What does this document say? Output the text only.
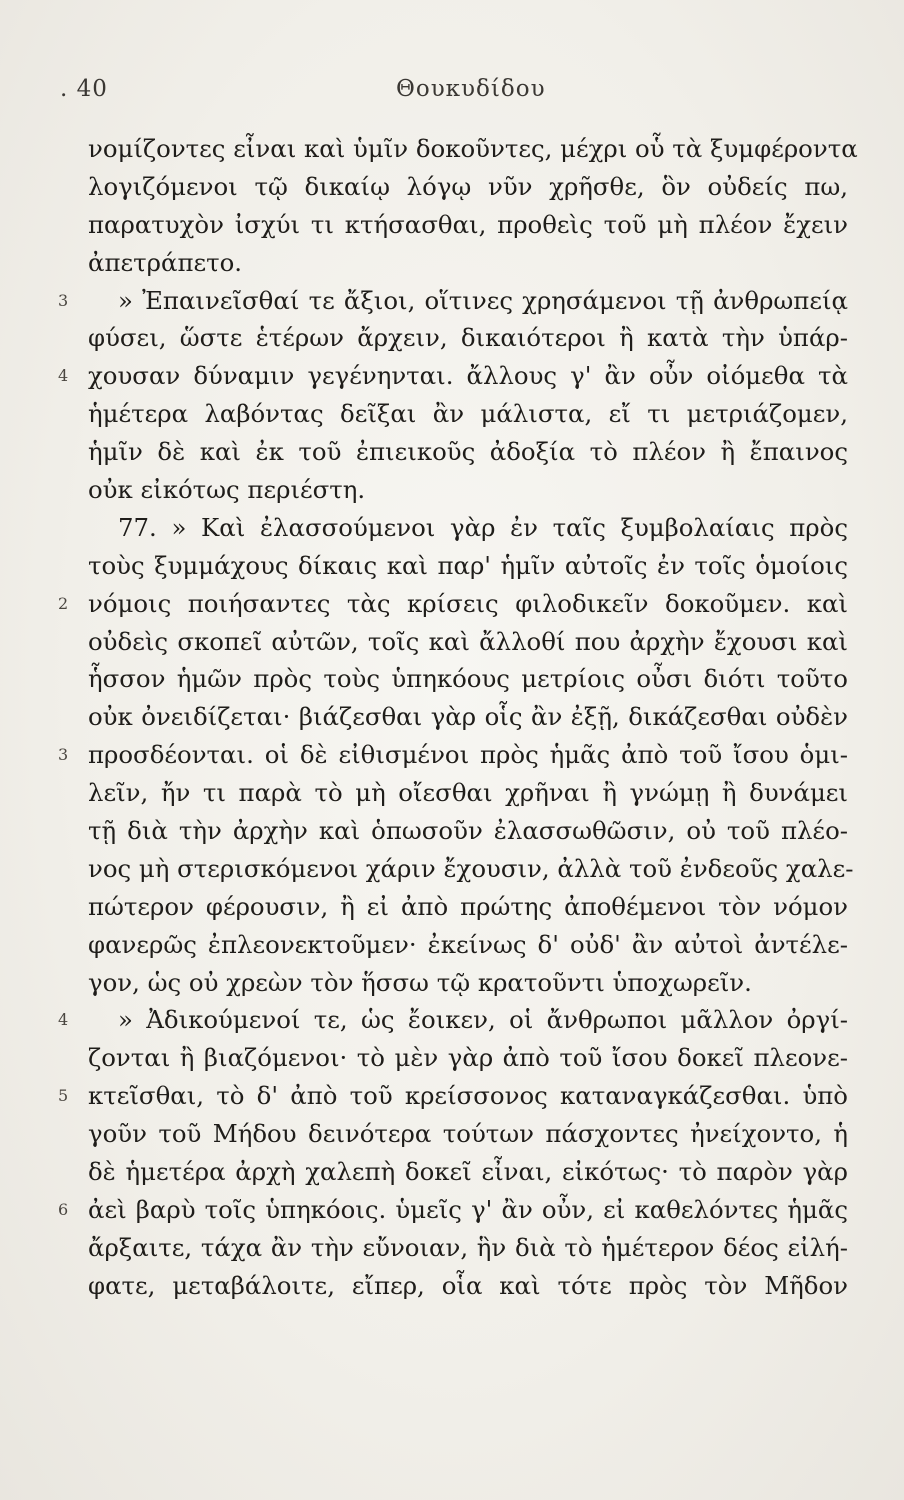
. 40	Θουκυδίδου
νομίζοντες εἶναι καὶ ὑμῖν δοκοῦντες, μέχρι οὗ τὰ ξυμφέροντα
λογιζόμενοι τῷ δικαίῳ λόγῳ νῦν χρῆσθε, ὃν οὐδείς πω,
παρατυχὸν ἰσχύι τι κτήσασθαι, προθεὶς τοῦ μὴ πλέον ἔχειν
ἀπετράπετο.
3	» Ἐπαινεῖσθαί τε ἄξιοι, οἵτινες χρησάμενοι τῇ ἀνθρωπείᾳ
φύσει, ὥστε ἑτέρων ἄρχειν, δικαιότεροι ἢ κατὰ τὴν ὑπάρ-
4 χουσαν δύναμιν γεγένηνται. ἄλλους γ' ἂν οὖν οἰόμεθα τὰ
ἡμέτερα λαβόντας δεῖξαι ἂν μάλιστα, εἴ τι μετριάζομεν,
ἡμῖν δὲ καὶ ἐκ τοῦ ἐπιεικοῦς ἀδοξία τὸ πλέον ἢ ἔπαινος
οὐκ εἰκότως περιέστη.
77. » Καὶ ἐλασσούμενοι γὰρ ἐν ταῖς ξυμβολαίαις πρὸς
τοὺς ξυμμάχους δίκαις καὶ παρ' ἡμῖν αὐτοῖς ἐν τοῖς ὁμοίοις
2 νόμοις ποιήσαντες τὰς κρίσεις φιλοδικεῖν δοκοῦμεν. καὶ
οὐδεὶς σκοπεῖ αὐτῶν, τοῖς καὶ ἄλλοθί που ἀρχὴν ἔχουσι καὶ
ἧσσον ἡμῶν πρὸς τοὺς ὑπηκόους μετρίοις οὖσι διότι τοῦτο
οὐκ ὀνειδίζεται· βιάζεσθαι γὰρ οἷς ἂν ἐξῇ, δικάζεσθαι οὐδὲν
3 προσδέονται. οἱ δὲ εἰθισμένοι πρὸς ἡμᾶς ἀπὸ τοῦ ἴσου ὁμι-
λεῖν, ἤν τι παρὰ τὸ μὴ οἴεσθαι χρῆναι ἢ γνώμῃ ἢ δυνάμει
τῇ διὰ τὴν ἀρχὴν καὶ ὁπωσοῦν ἐλασσωθῶσιν, οὐ τοῦ πλέο-
νος μὴ στερισκόμενοι χάριν ἔχουσιν, ἀλλὰ τοῦ ἐνδεοῦς χαλε-
πώτερον φέρουσιν, ἢ εἰ ἀπὸ πρώτης ἀποθέμενοι τὸν νόμον
φανερῶς ἐπλεονεκτοῦμεν· ἐκείνως δ' οὐδ' ἂν αὐτοὶ ἀντέλε-
γον, ὡς οὐ χρεὼν τὸν ἥσσω τῷ κρατοῦντι ὑποχωρεῖν.
4	» Ἀδικούμενοί τε, ὡς ἔοικεν, οἱ ἄνθρωποι μᾶλλον ὀργί-
ζονται ἢ βιαζόμενοι· τὸ μὲν γὰρ ἀπὸ τοῦ ἴσου δοκεῖ πλεονε-
5 κτεῖσθαι, τὸ δ' ἀπὸ τοῦ κρείσσονος καταναγκάζεσθαι. ὑπὸ
γοῦν τοῦ Μήδου δεινότερα τούτων πάσχοντες ἠνείχοντο, ἡ
δὲ ἡμετέρα ἀρχὴ χαλεπὴ δοκεῖ εἶναι, εἰκότως· τὸ παρὸν γὰρ
6 ἀεὶ βαρὺ τοῖς ὑπηκόοις. ὑμεῖς γ' ἂν οὖν, εἰ καθελόντες ἡμᾶς
ἄρξαιτε, τάχα ἂν τὴν εὔνοιαν, ἣν διὰ τὸ ἡμέτερον δέος εἰλή-
φατε, μεταβάλοιτε, εἴπερ, οἷα καὶ τότε πρὸς τὸν Μῆδον
